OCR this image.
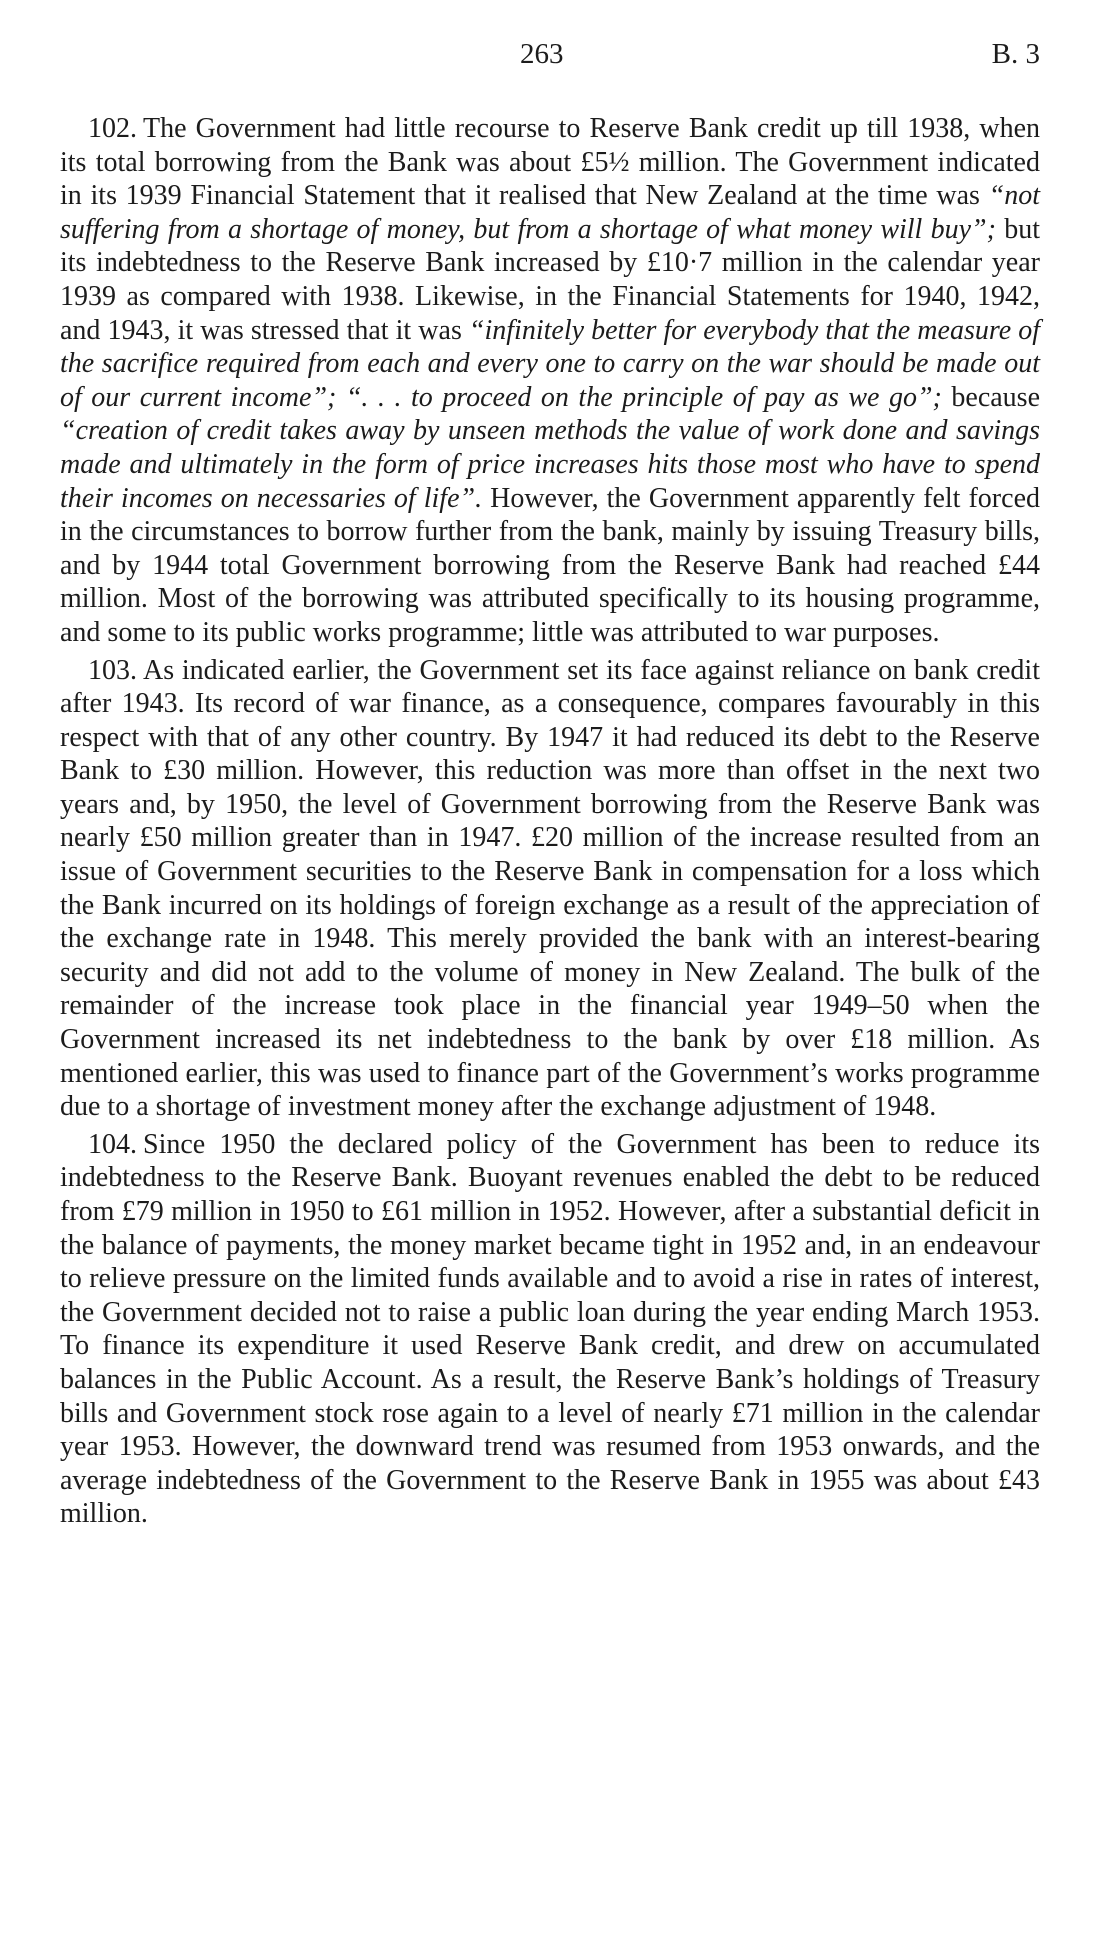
263	B. 3

102. The Government had little recourse to Reserve Bank credit up till 1938, when its total borrowing from the Bank was about £5½ million. The Government indicated in its 1939 Financial Statement that it realised that New Zealand at the time was “not suffering from a shortage of money, but from a shortage of what money will buy”; but its indebtedness to the Reserve Bank increased by £10·7 million in the calendar year 1939 as compared with 1938. Likewise, in the Financial Statements for 1940, 1942, and 1943, it was stressed that it was “infinitely better for everybody that the measure of the sacrifice required from each and every one to carry on the war should be made out of our current income”; “. . . to proceed on the principle of pay as we go”; because “creation of credit takes away by unseen methods the value of work done and savings made and ultimately in the form of price increases hits those most who have to spend their incomes on necessaries of life”. However, the Government apparently felt forced in the circumstances to borrow further from the bank, mainly by issuing Treasury bills, and by 1944 total Government borrowing from the Reserve Bank had reached £44 million. Most of the borrowing was attributed specifically to its housing programme, and some to its public works programme; little was attributed to war purposes.

103. As indicated earlier, the Government set its face against reliance on bank credit after 1943. Its record of war finance, as a consequence, compares favourably in this respect with that of any other country. By 1947 it had reduced its debt to the Reserve Bank to £30 million. However, this reduction was more than offset in the next two years and, by 1950, the level of Government borrowing from the Reserve Bank was nearly £50 million greater than in 1947. £20 million of the increase resulted from an issue of Government securities to the Reserve Bank in compensation for a loss which the Bank incurred on its holdings of foreign exchange as a result of the appreciation of the exchange rate in 1948. This merely provided the bank with an interest-bearing security and did not add to the volume of money in New Zealand. The bulk of the remainder of the increase took place in the financial year 1949–50 when the Government increased its net indebtedness to the bank by over £18 million. As mentioned earlier, this was used to finance part of the Government’s works programme due to a shortage of investment money after the exchange adjustment of 1948.

104. Since 1950 the declared policy of the Government has been to reduce its indebtedness to the Reserve Bank. Buoyant revenues enabled the debt to be reduced from £79 million in 1950 to £61 million in 1952. However, after a substantial deficit in the balance of payments, the money market became tight in 1952 and, in an endeavour to relieve pressure on the limited funds available and to avoid a rise in rates of interest, the Government decided not to raise a public loan during the year ending March 1953. To finance its expenditure it used Reserve Bank credit, and drew on accumulated balances in the Public Account. As a result, the Reserve Bank’s holdings of Treasury bills and Government stock rose again to a level of nearly £71 million in the calendar year 1953. However, the downward trend was resumed from 1953 onwards, and the average indebtedness of the Government to the Reserve Bank in 1955 was about £43 million.
